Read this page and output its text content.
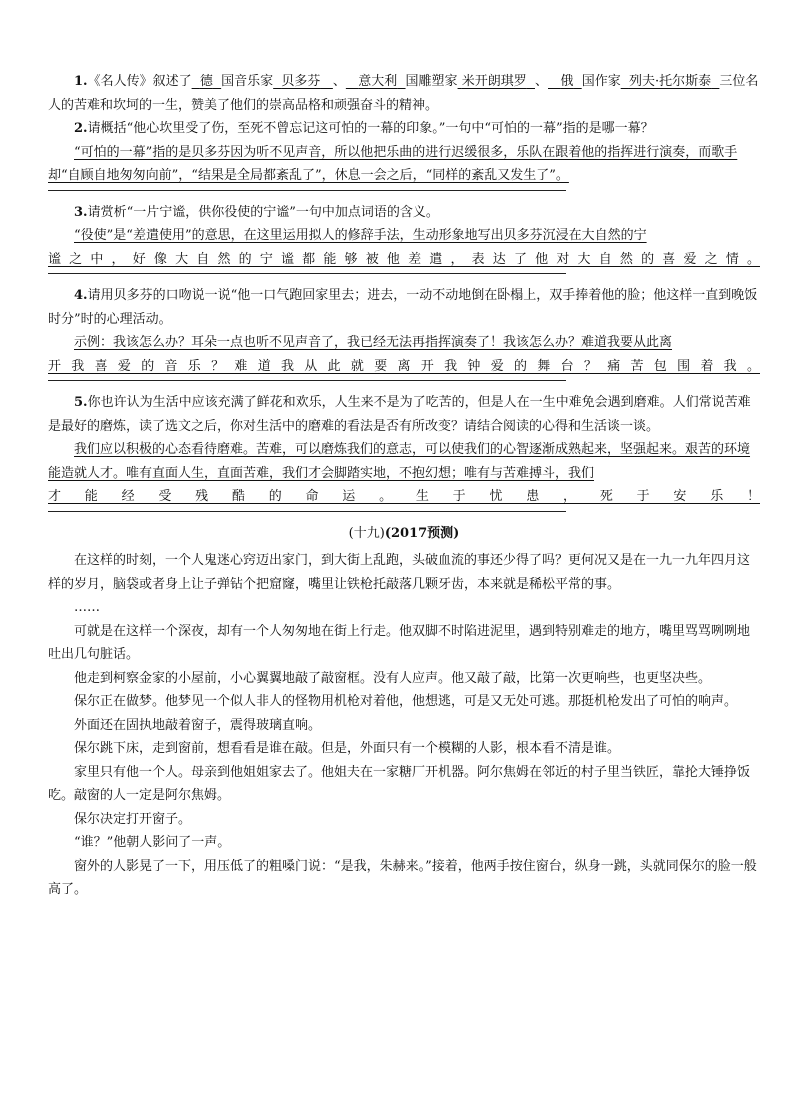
1.《名人传》叙述了 德 国音乐家 贝多芬 、 意大利 国雕塑家 米开朗琪罗 、 俄 国作家 列夫·托尔斯泰 三位名人的苦难和坎坷的一生，赞美了他们的崇高品格和顽强奋斗的精神。

2.请概括“他心坎里受了伤，至死不曾忘记这可怕的一幕的印象。”一句中“可怕的一幕”指的是哪一幕？

“可怕的一幕”指的是贝多芬因为听不见声音，所以他把乐曲的进行迟缓很多，乐队在跟着他的指挥进行演奏，而歌手却“自顾自地匆匆向前”，“结果是全局都紊乱了”，休息一会之后，“同样的紊乱又发生了”。

3.请赏析“一片宁谧，供你役使的宁谧”一句中加点词语的含义。

“役使”是“差遣使用”的意思，在这里运用拟人的修辞手法，生动形象地写出贝多芬沉浸在大自然的宁

谧之中，好像大自然的宁谧都能够被他差遣，表达了他对大自然的喜爱之情。

4.请用贝多芬的口吻说一说“他一口气跑回家里去；进去，一动不动地倒在卧榻上，双手捧着他的脸；他这样一直到晚饭时分”时的心理活动。

示例：我该怎么办？耳朵一点也听不见声音了，我已经无法再指挥演奏了！我该怎么办？难道我要从此离

开我喜爱的音乐？难道我从此就要离开我钟爱的舞台？痛苦包围着我。

5.你也许认为生活中应该充满了鲜花和欢乐，人生来不是为了吃苦的，但是人在一生中难免会遇到磨难。人们常说苦难是最好的磨炼，读了选文之后，你对生活中的磨难的看法是否有所改变？请结合阅读的心得和生活谈一谈。

我们应以积极的心态看待磨难。苦难，可以磨炼我们的意志，可以使我们的心智逐渐成熟起来，坚强起来。艰苦的环境能造就人才。唯有直面人生，直面苦难，我们才会脚踏实地，不抱幻想；唯有与苦难搏斗，我们

才能经受残酷的命运。生于忧患，死于安乐！

(十九)(2017预测)

在这样的时刻，一个人鬼迷心窍迈出家门，到大街上乱跑，头破血流的事还少得了吗？更何况又是在一九一九年四月这样的岁月，脑袋或者身上让子弹钻个把窟窿，嘴里让铁枪托敲落几颗牙齿，本来就是稀松平常的事。

……

可就是在这样一个深夜，却有一个人匆匆地在街上行走。他双脚不时陷进泥里，遇到特别难走的地方，嘴里骂骂咧咧地吐出几句脏话。

他走到柯察金家的小屋前，小心翼翼地敲了敲窗框。没有人应声。他又敲了敲，比第一次更响些，也更坚决些。

保尔正在做梦。他梦见一个似人非人的怪物用机枪对着他，他想逃，可是又无处可逃。那挺机枪发出了可怕的响声。

外面还在固执地敲着窗子，震得玻璃直响。

保尔跳下床，走到窗前，想看看是谁在敲。但是，外面只有一个模糊的人影，根本看不清是谁。

家里只有他一个人。母亲到他姐姐家去了。他姐夫在一家糖厂开机器。阿尔焦姆在邻近的村子里当铁匠，靠抡大锤挣饭吃。敲窗的人一定是阿尔焦姆。

保尔决定打开窗子。

“谁？”他朝人影问了一声。

窗外的人影晃了一下，用压低了的粗嗓门说：“是我，朱赫来。”接着，他两手按住窗台，纵身一跳，头就同保尔的脸一般高了。
